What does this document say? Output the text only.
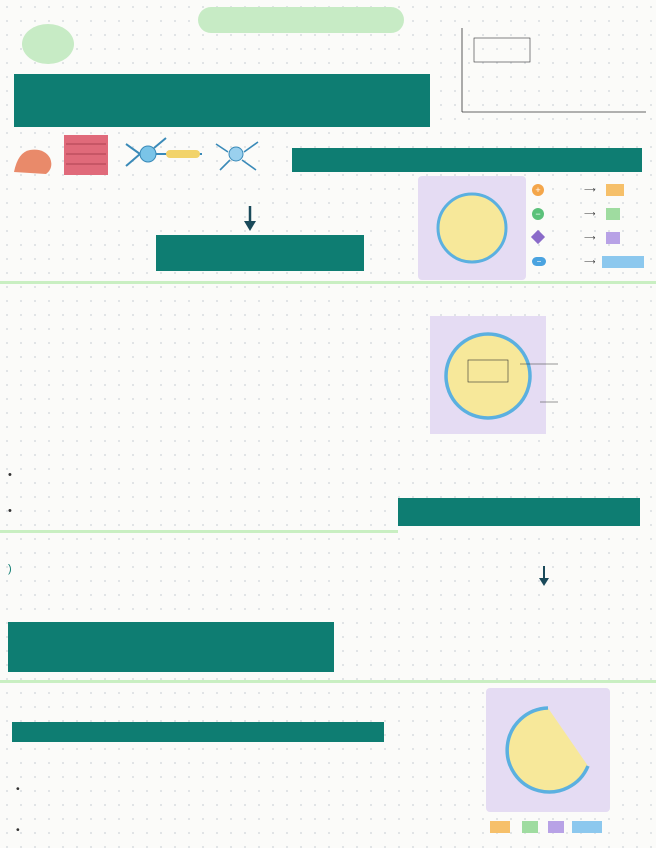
+	⟶
−	⟶
⟶
−	⟶
•
•
)
•
•
